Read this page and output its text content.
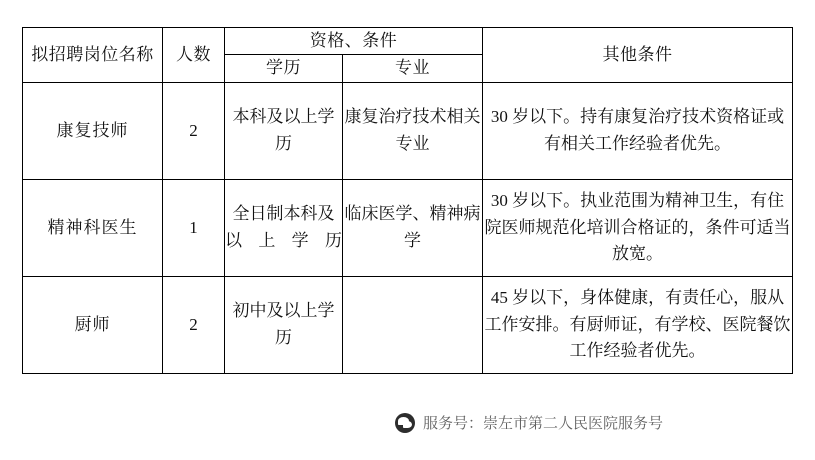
拟招聘岗位名称	人数	资格、条件		其他条件
		学历	专业	
康复技师	2	本科及以上学历	康复治疗技术相关专业	30 岁以下。持有康复治疗技术资格证或有相关工作经验者优先。
精神科医生	1	全日制本科及以上学历	临床医学、精神病学	30 岁以下。执业范围为精神卫生，有住院医师规范化培训合格证的，条件可适当放宽。
厨师	2	初中及以上学历		45 岁以下，身体健康，有责任心，服从工作安排。有厨师证，有学校、医院餐饮工作经验者优先。
服务号：崇左市第二人民医院服务号
